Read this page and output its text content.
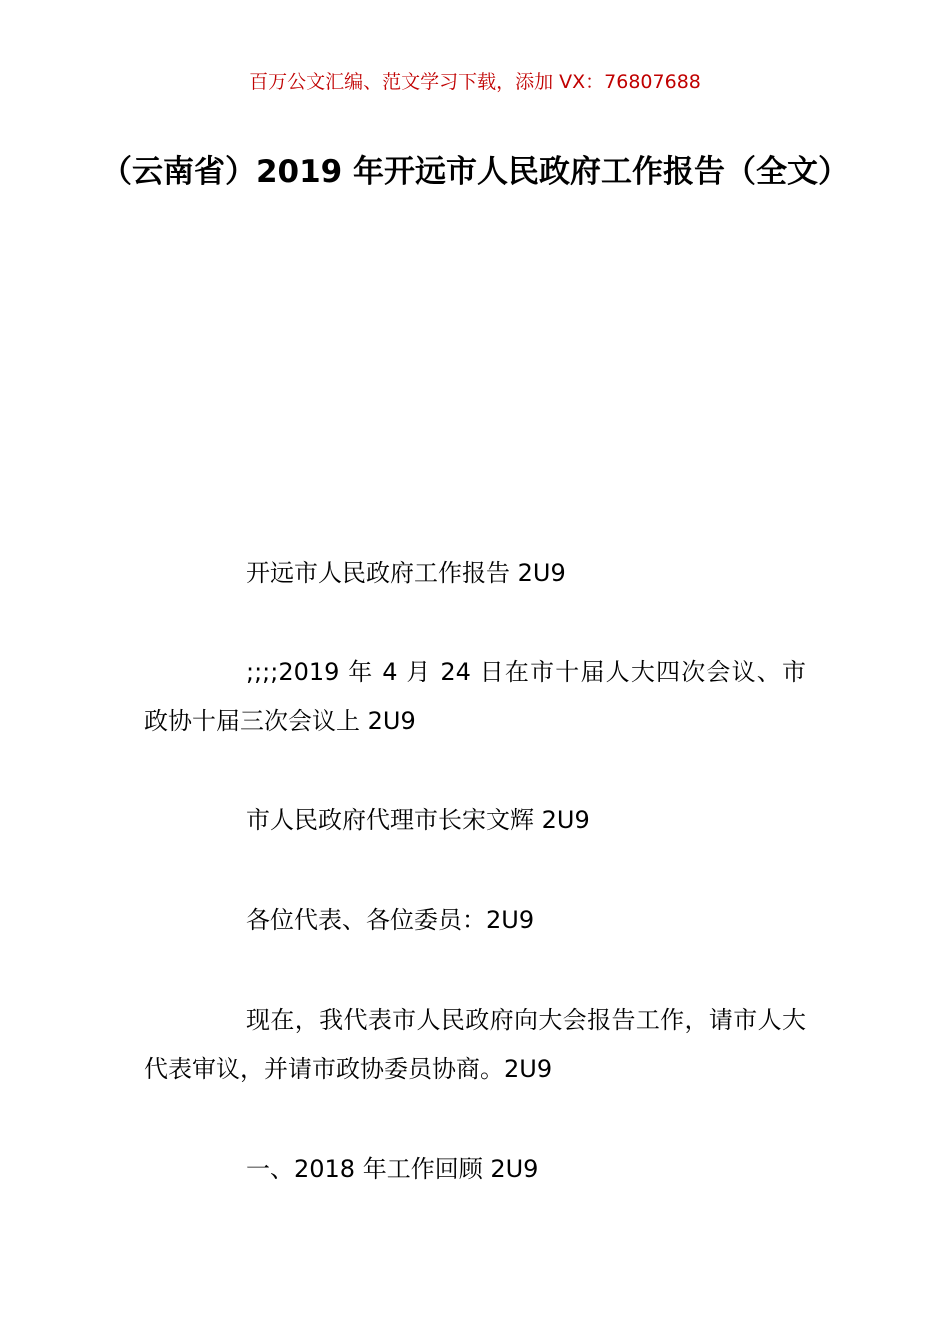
百万公文汇编、范文学习下载，添加 VX：76807688
（云南省）2019 年开远市人民政府工作报告（全文）
开远市人民政府工作报告 2U9
;;;;2019 年 4 月 24 日在市十届人大四次会议、市政协十届三次会议上 2U9
市人民政府代理市长宋文辉 2U9
各位代表、各位委员：2U9
现在，我代表市人民政府向大会报告工作，请市人大代表审议，并请市政协委员协商。2U9
一、2018 年工作回顾 2U9
